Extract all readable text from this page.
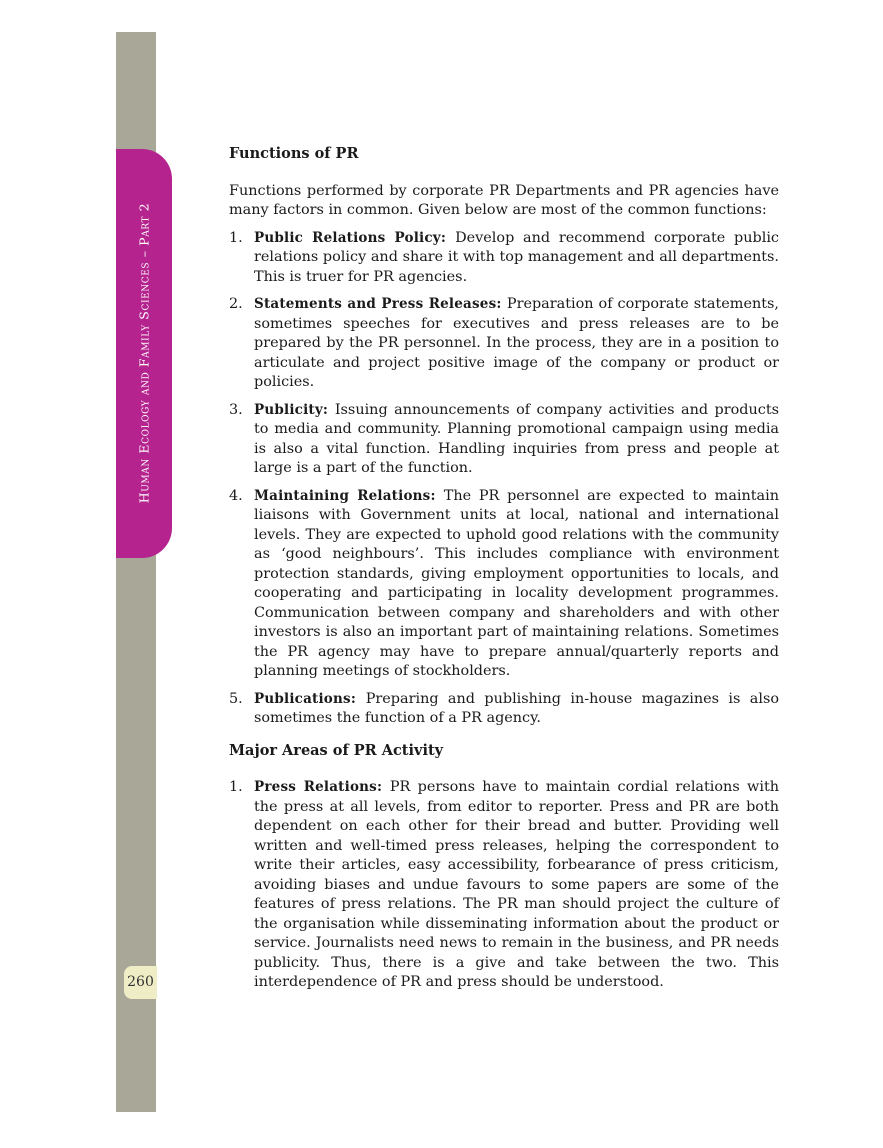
Human Ecology and Family Sciences – Part 2
260
Functions of PR

Functions performed by corporate PR Departments and PR agencies have many factors in common. Given below are most of the common functions:

1. Public Relations Policy: Develop and recommend corporate public relations policy and share it with top management and all departments. This is truer for PR agencies.
2. Statements and Press Releases: Preparation of corporate statements, sometimes speeches for executives and press releases are to be prepared by the PR personnel. In the process, they are in a position to articulate and project positive image of the company or product or policies.
3. Publicity: Issuing announcements of company activities and products to media and community. Planning promotional campaign using media is also a vital function. Handling inquiries from press and people at large is a part of the function.
4. Maintaining Relations: The PR personnel are expected to maintain liaisons with Government units at local, national and international levels. They are expected to uphold good relations with the community as ‘good neighbours’. This includes compliance with environment protection standards, giving employment opportunities to locals, and cooperating and participating in locality development programmes. Communication between company and shareholders and with other investors is also an important part of maintaining relations. Sometimes the PR agency may have to prepare annual/quarterly reports and planning meetings of stockholders.
5. Publications: Preparing and publishing in-house magazines is also sometimes the function of a PR agency.
Major Areas of PR Activity
1. Press Relations: PR persons have to maintain cordial relations with the press at all levels, from editor to reporter. Press and PR are both dependent on each other for their bread and butter. Providing well written and well-timed press releases, helping the correspondent to write their articles, easy accessibility, forbearance of press criticism, avoiding biases and undue favours to some papers are some of the features of press relations. The PR man should project the culture of the organisation while disseminating information about the product or service. Journalists need news to remain in the business, and PR needs publicity. Thus, there is a give and take between the two. This interdependence of PR and press should be understood.
